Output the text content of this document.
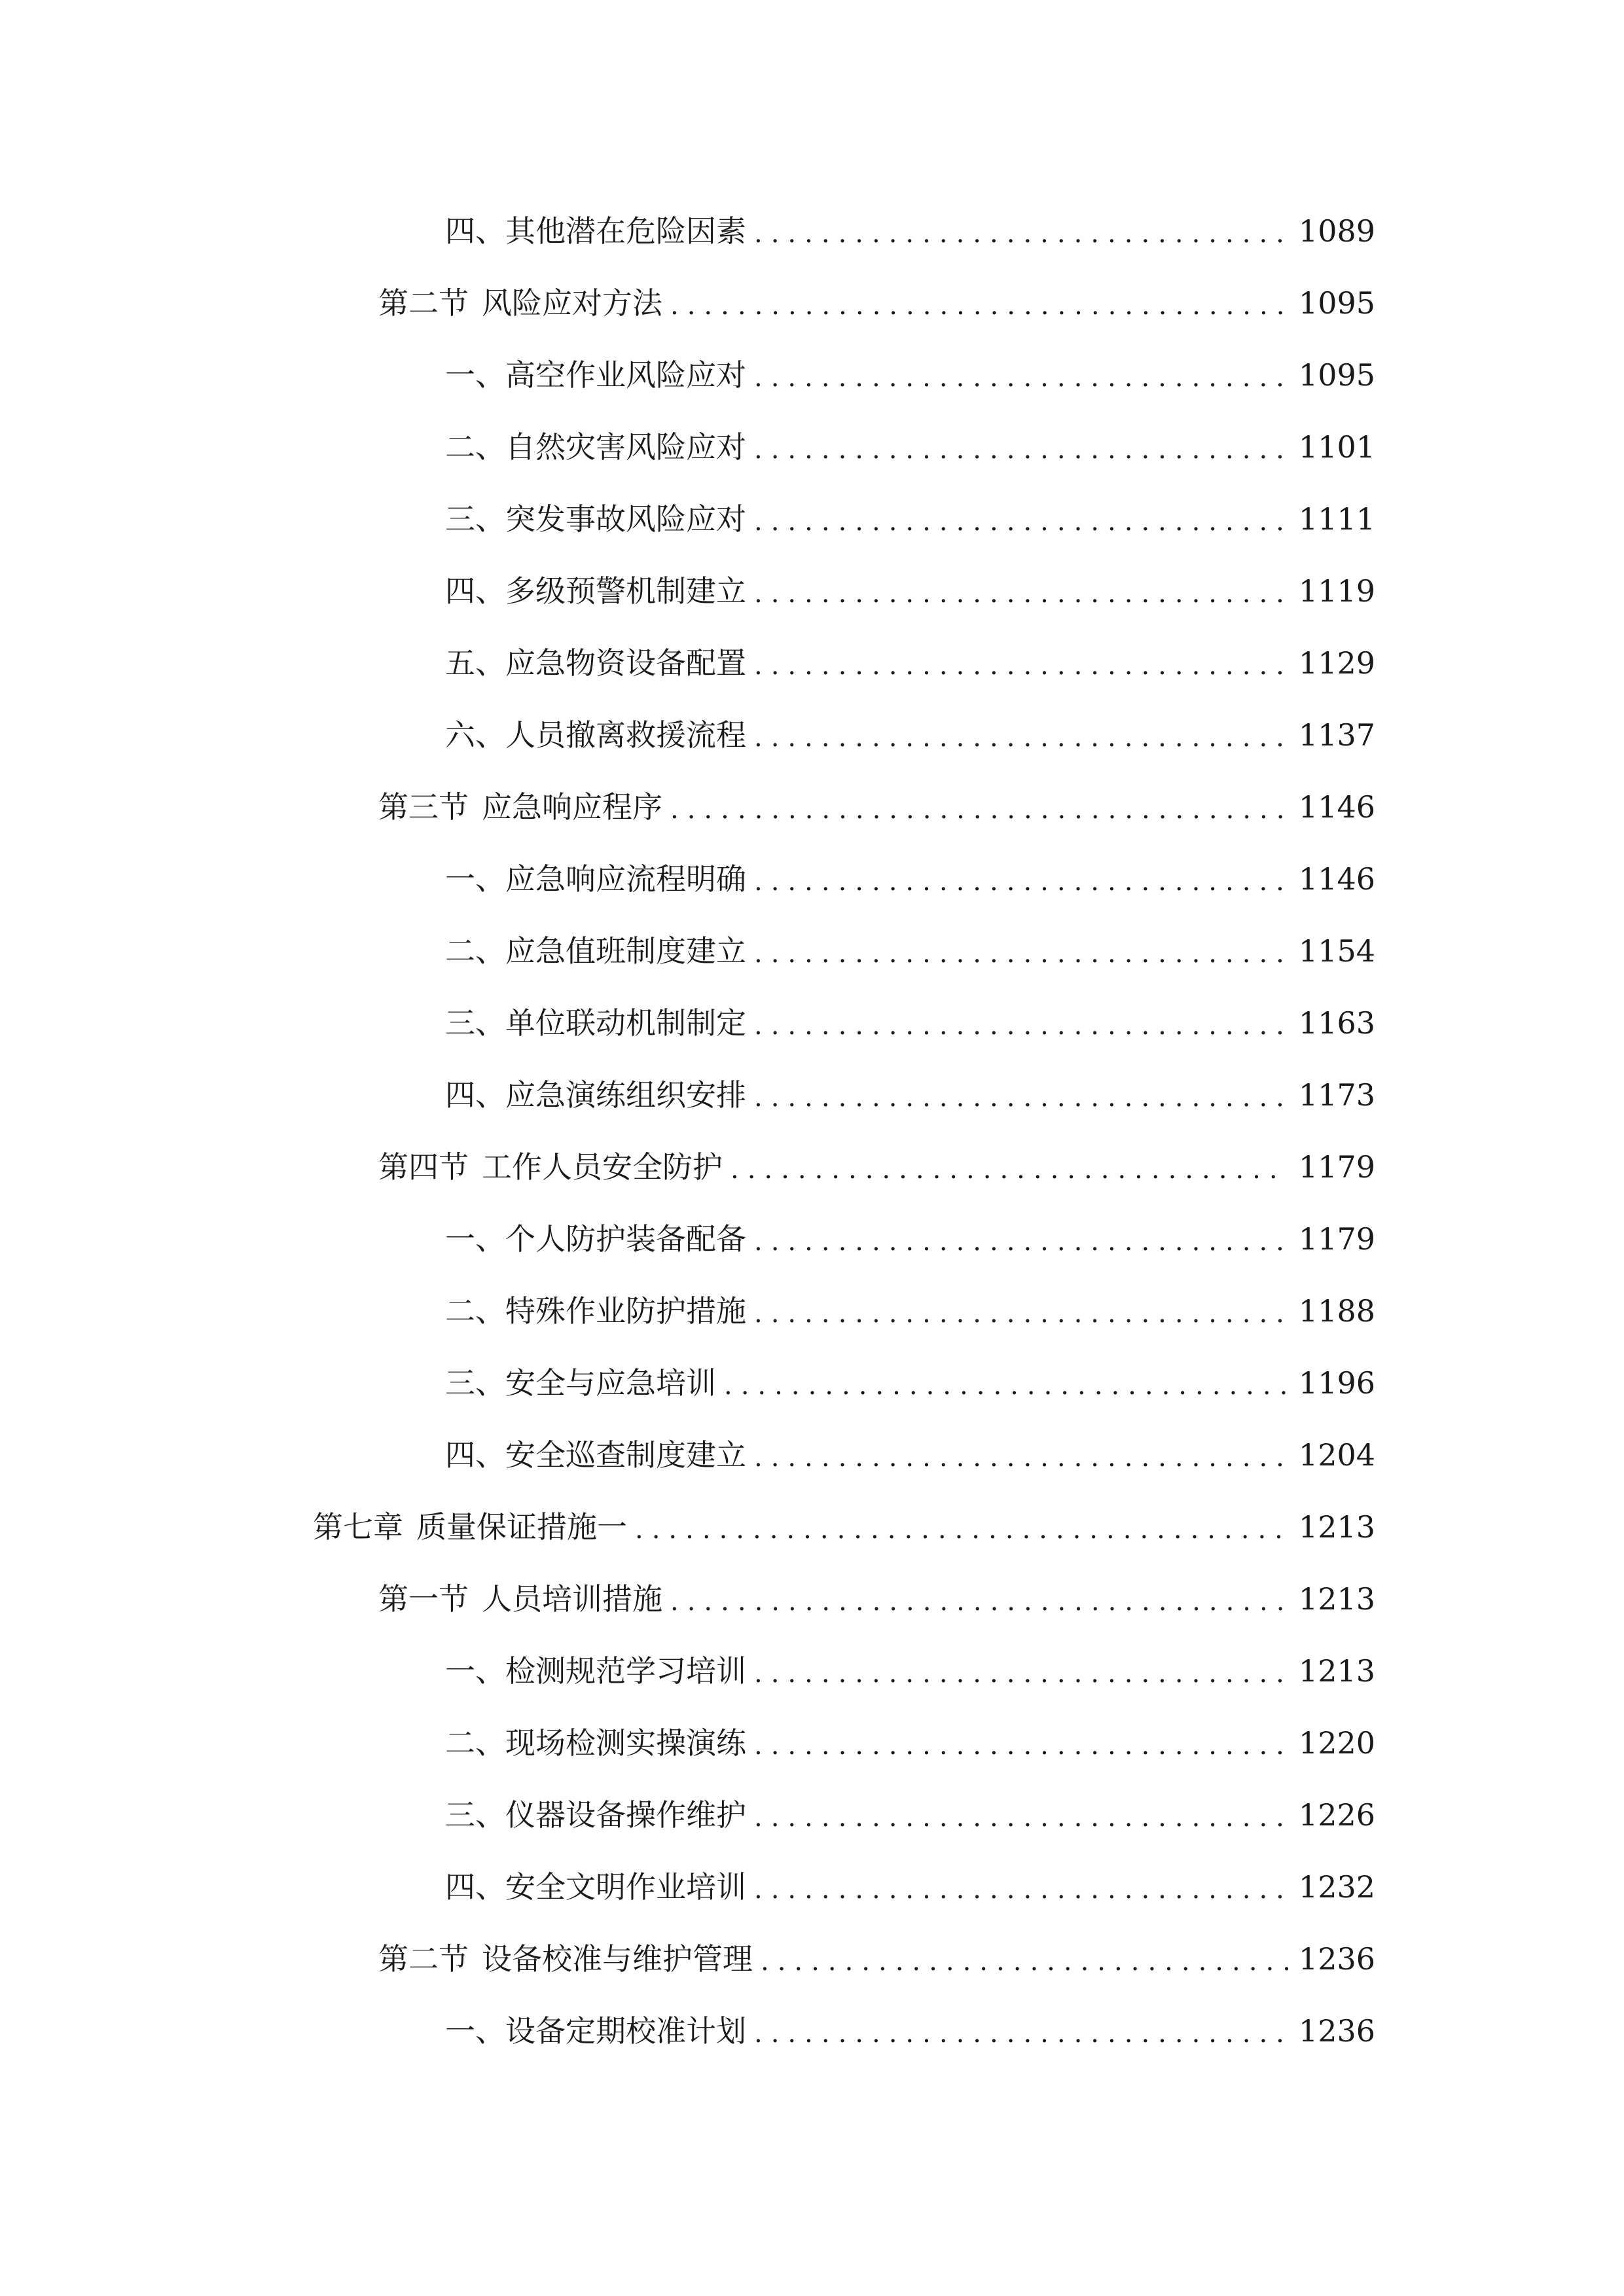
四、 其他潜在危险因素 .....	1089
第二节 风险应对方法 .....	1095
一、 高空作业风险应对 .....	1095
二、 自然灾害风险应对 .....	1101
三、 突发事故风险应对 .....	1111
四、 多级预警机制建立 .....	1119
五、 应急物资设备配置 .....	1129
六、 人员撤离救援流程 .....	1137
第三节 应急响应程序 .....	1146
一、 应急响应流程明确 .....	1146
二、 应急值班制度建立 .....	1154
三、 单位联动机制制定 .....	1163
四、 应急演练组织安排 .....	1173
第四节 工作人员安全防护 .....	1179
一、 个人防护装备配备 .....	1179
二、 特殊作业防护措施 .....	1188
三、 安全与应急培训 .....	1196
四、 安全巡查制度建立 .....	1204
第七章 质量保证措施一 .....	1213
第一节 人员培训措施 .....	1213
一、 检测规范学习培训 .....	1213
二、 现场检测实操演练 .....	1220
三、 仪器设备操作维护 .....	1226
四、 安全文明作业培训 .....	1232
第二节 设备校准与维护管理 .....	1236
一、 设备定期校准计划 .....	1236
